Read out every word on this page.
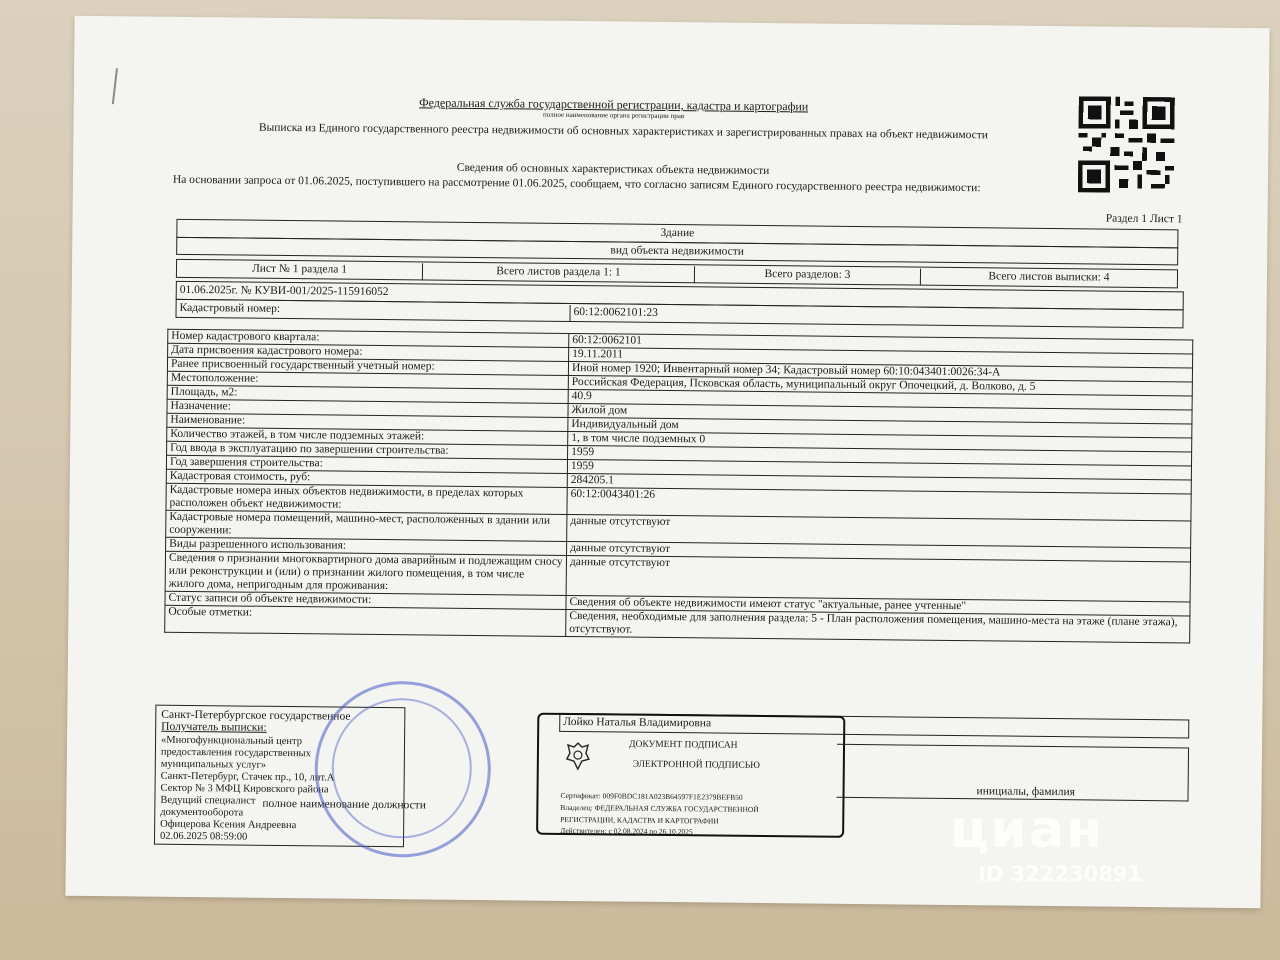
Федеральная служба государственной регистрации, кадастра и картографии
полное наименование органа регистрации прав
Выписка из Единого государственного реестра недвижимости об основных характеристиках и зарегистрированных правах на объект недвижимости
Сведения об основных характеристиках объекта недвижимости
На основании запроса от 01.06.2025, поступившего на рассмотрение 01.06.2025, сообщаем, что согласно записям Единого государственного реестра недвижимости:
Раздел 1 Лист 1
Здание
вид объекта недвижимости
Лист № 1 раздела 1	Всего листов раздела 1: 1	Всего разделов: 3	Всего листов выписки: 4
01.06.2025г. № КУВИ-001/2025-115916052
Кадастровый номер:	60:12:0062101:23
Номер кадастрового квартала:	60:12:0062101
Дата присвоения кадастрового номера:	19.11.2011
Ранее присвоенный государственный учетный номер:	Иной номер 1920; Инвентарный номер 34; Кадастровый номер 60:10:043401:0026:34-А
Местоположение:	Российская Федерация, Псковская область, муниципальный округ Опочецкий, д. Волково, д. 5
Площадь, м2:	40.9
Назначение:	Жилой дом
Наименование:	Индивидуальный дом
Количество этажей, в том числе подземных этажей:	1, в том числе подземных 0
Год ввода в эксплуатацию по завершении строительства:	1959
Год завершения строительства:	1959
Кадастровая стоимость, руб:	284205.1
Кадастровые номера иных объектов недвижимости, в пределах которых расположен объект недвижимости:	60:12:0043401:26
Кадастровые номера помещений, машино-мест, расположенных в здании или сооружении:	данные отсутствуют
Виды разрешенного использования:	данные отсутствуют
Сведения о признании многоквартирного дома аварийным и подлежащим сносу или реконструкции и (или) о признании жилого помещения, в том числе жилого дома, непригодным для проживания:	данные отсутствуют
Статус записи об объекте недвижимости:	Сведения об объекте недвижимости имеют статус "актуальные, ранее учтенные"
Особые отметки:	Сведения, необходимые для заполнения раздела: 5 - План расположения помещения, машино-места на этаже (плане этажа), отсутствуют.
Санкт-Петербургское государственное
Получатель выписки:	Лойко Наталья Владимировна
«Многофункциональный центр
предоставления государственных
муниципальных услуг»
Санкт-Петербург, Стачек пр., 10, лит.А
Сектор № 3 МФЦ Кировского района
Ведущий специалист
документооборота
Офицерова Ксения Андреевна
02.06.2025 08:59:00
полное наименование должности
ДОКУМЕНТ ПОДПИСАН
ЭЛЕКТРОННОЙ ПОДПИСЬЮ
Сертификат: 009F0BDC181A023B64597F1E2379BEFB50
Владелец: ФЕДЕРАЛЬНАЯ СЛУЖБА ГОСУДАРСТВЕННОЙ
РЕГИСТРАЦИИ, КАДАСТРА И КАРТОГРАФИИ
Действителен: с 02.08.2024 по 26.10.2025
инициалы, фамилия
циан
ID 322230891
